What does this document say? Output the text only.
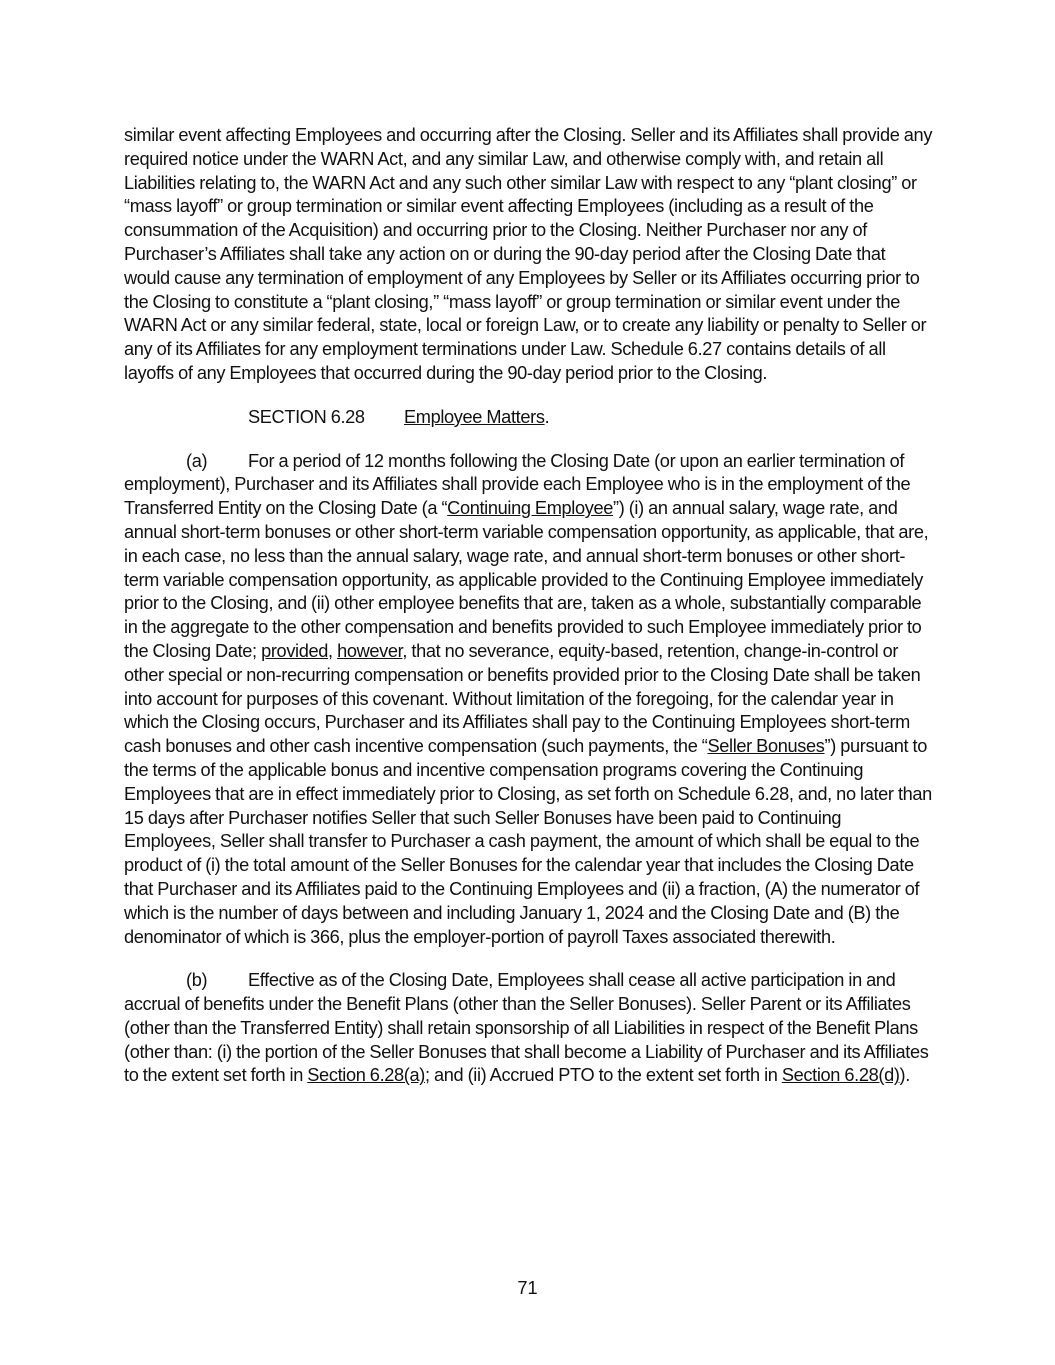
similar event affecting Employees and occurring after the Closing. Seller and its Affiliates shall provide any required notice under the WARN Act, and any similar Law, and otherwise comply with, and retain all Liabilities relating to, the WARN Act and any such other similar Law with respect to any “plant closing” or “mass layoff” or group termination or similar event affecting Employees (including as a result of the consummation of the Acquisition) and occurring prior to the Closing. Neither Purchaser nor any of Purchaser’s Affiliates shall take any action on or during the 90-day period after the Closing Date that would cause any termination of employment of any Employees by Seller or its Affiliates occurring prior to the Closing to constitute a “plant closing,” “mass layoff” or group termination or similar event under the WARN Act or any similar federal, state, local or foreign Law, or to create any liability or penalty to Seller or any of its Affiliates for any employment terminations under Law. Schedule 6.27 contains details of all layoffs of any Employees that occurred during the 90-day period prior to the Closing.

SECTION 6.28 Employee Matters.

(a) For a period of 12 months following the Closing Date (or upon an earlier termination of employment), Purchaser and its Affiliates shall provide each Employee who is in the employment of the Transferred Entity on the Closing Date (a “Continuing Employee”) (i) an annual salary, wage rate, and annual short-term bonuses or other short-term variable compensation opportunity, as applicable, that are, in each case, no less than the annual salary, wage rate, and annual short-term bonuses or other short-term variable compensation opportunity, as applicable provided to the Continuing Employee immediately prior to the Closing, and (ii) other employee benefits that are, taken as a whole, substantially comparable in the aggregate to the other compensation and benefits provided to such Employee immediately prior to the Closing Date; provided, however, that no severance, equity-based, retention, change-in-control or other special or non-recurring compensation or benefits provided prior to the Closing Date shall be taken into account for purposes of this covenant. Without limitation of the foregoing, for the calendar year in which the Closing occurs, Purchaser and its Affiliates shall pay to the Continuing Employees short-term cash bonuses and other cash incentive compensation (such payments, the “Seller Bonuses”) pursuant to the terms of the applicable bonus and incentive compensation programs covering the Continuing Employees that are in effect immediately prior to Closing, as set forth on Schedule 6.28, and, no later than 15 days after Purchaser notifies Seller that such Seller Bonuses have been paid to Continuing Employees, Seller shall transfer to Purchaser a cash payment, the amount of which shall be equal to the product of (i) the total amount of the Seller Bonuses for the calendar year that includes the Closing Date that Purchaser and its Affiliates paid to the Continuing Employees and (ii) a fraction, (A) the numerator of which is the number of days between and including January 1, 2024 and the Closing Date and (B) the denominator of which is 366, plus the employer-portion of payroll Taxes associated therewith.

(b) Effective as of the Closing Date, Employees shall cease all active participation in and accrual of benefits under the Benefit Plans (other than the Seller Bonuses). Seller Parent or its Affiliates (other than the Transferred Entity) shall retain sponsorship of all Liabilities in respect of the Benefit Plans (other than: (i) the portion of the Seller Bonuses that shall become a Liability of Purchaser and its Affiliates to the extent set forth in Section 6.28(a); and (ii) Accrued PTO to the extent set forth in Section 6.28(d)).

71
